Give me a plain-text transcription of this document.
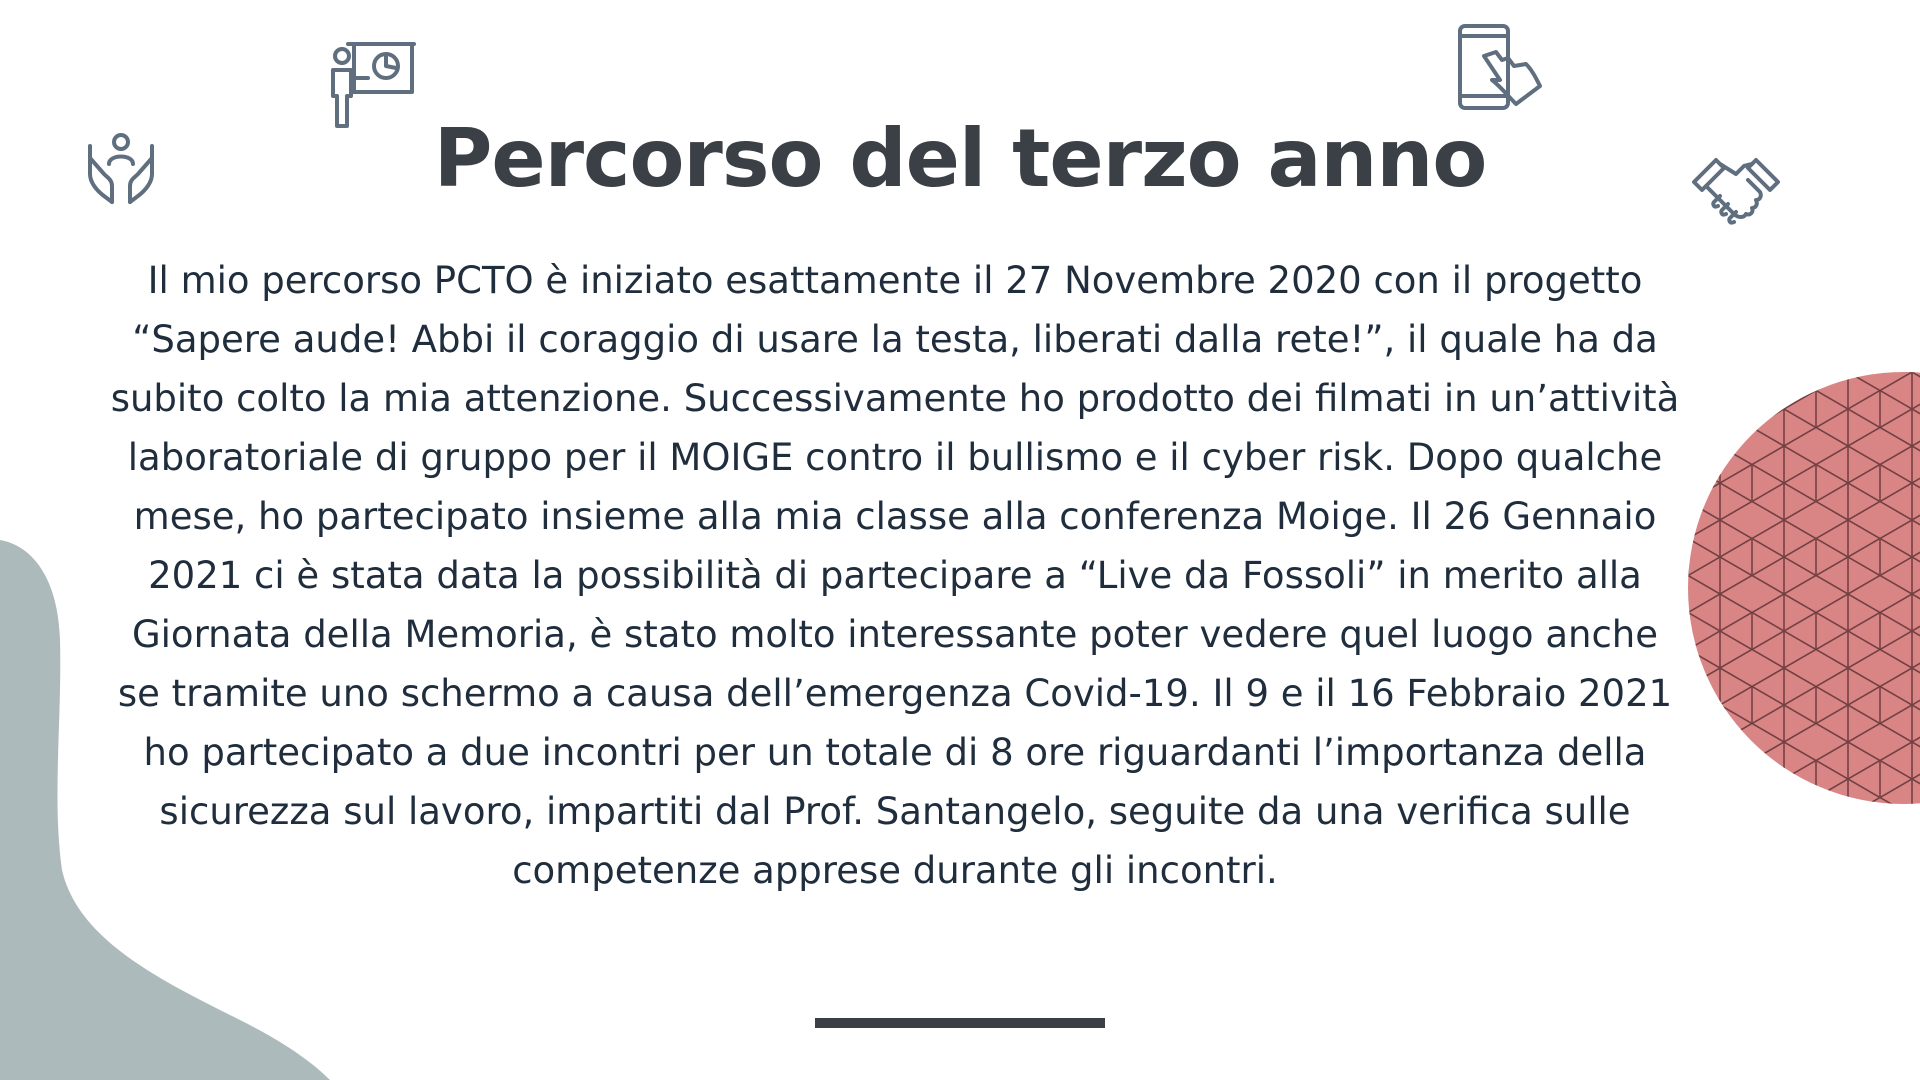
Percorso del terzo anno

Il mio percorso PCTO è iniziato esattamente il 27 Novembre 2020 con il progetto “Sapere aude! Abbi il coraggio di usare la testa, liberati dalla rete!”, il quale ha da subito colto la mia attenzione. Successivamente ho prodotto dei filmati in un’attività laboratoriale di gruppo per il MOIGE contro il bullismo e il cyber risk. Dopo qualche mese, ho partecipato insieme alla mia classe alla conferenza Moige. Il 26 Gennaio 2021 ci è stata data la possibilità di partecipare a “Live da Fossoli” in merito alla Giornata della Memoria, è stato molto interessante poter vedere quel luogo anche se tramite uno schermo a causa dell’emergenza Covid-19. Il 9 e il 16 Febbraio 2021 ho partecipato a due incontri per un totale di 8 ore riguardanti l’importanza della sicurezza sul lavoro, impartiti dal Prof. Santangelo, seguite da una verifica sulle competenze apprese durante gli incontri.
